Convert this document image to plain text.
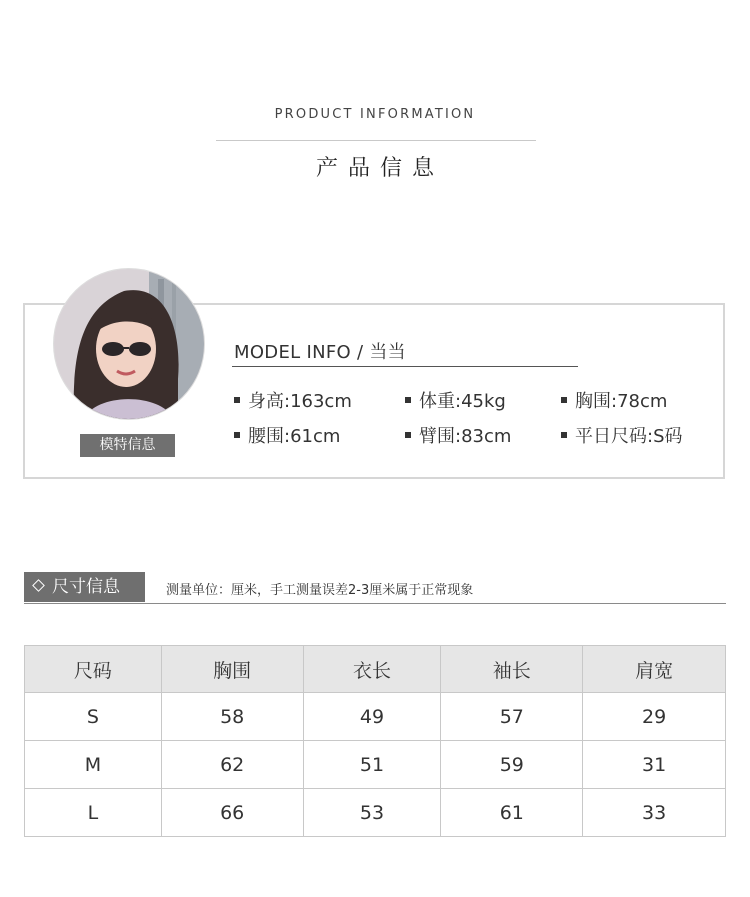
PRODUCT INFORMATION
产品信息
模特信息
MODEL INFO / 当当
身高:163cm	体重:45kg	胸围:78cm
腰围:61cm	臂围:83cm	平日尺码:S码
尺寸信息	测量单位：厘米，手工测量误差2-3厘米属于正常现象
尺码	胸围	衣长	袖长	肩宽
S	58	49	57	29
M	62	51	59	31
L	66	53	61	33
